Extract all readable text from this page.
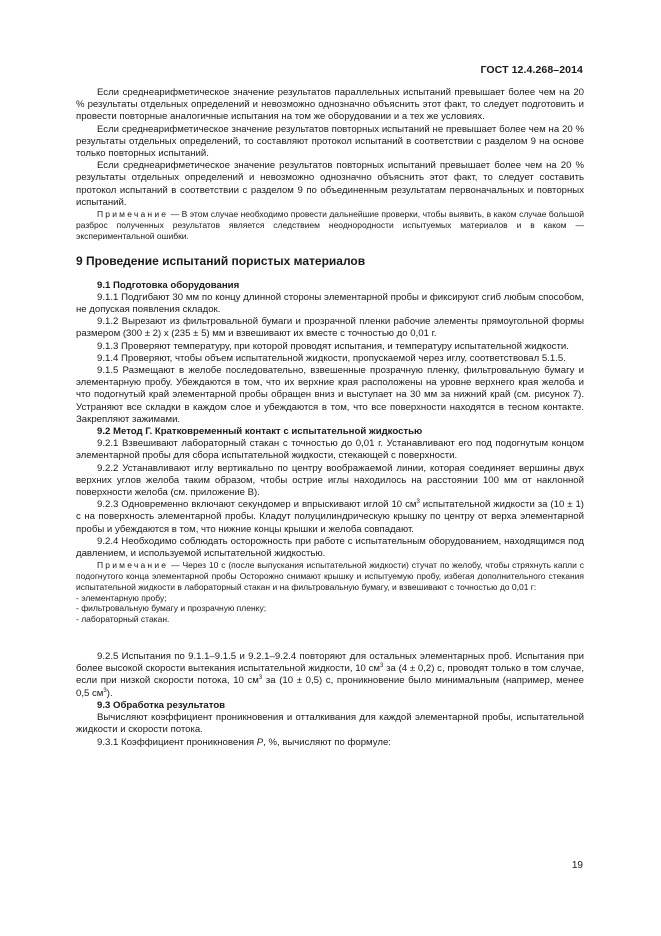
ГОСТ 12.4.268–2014

Если среднеарифметическое значение результатов параллельных испытаний превышает более чем на 20 % результаты отдельных определений и невозможно однозначно объяснить этот факт, то следует подготовить и провести повторные аналогичные испытания на том же оборудовании и а тех же условиях.

Если среднеарифметическое значение результатов повторных испытаний не превышает более чем на 20 % результаты отдельных определений, то составляют протокол испытаний в соответствии с разделом 9 на основе только повторных испытаний.

Если среднеарифметическое значение результатов повторных испытаний превышает более чем на 20 % результаты отдельных определений и невозможно однозначно объяснить этот факт, то следует составить протокол испытаний в соответствии с разделом 9 по объединенным результатам первоначальных и повторных испытаний.

Примечание — В этом случае необходимо провести дальнейшие проверки, чтобы выявить, в каком случае большой разброс полученных результатов является следствием неоднородности испытуемых материалов и в каком — экспериментальной ошибки.

9 Проведение испытаний пористых материалов

9.1 Подготовка оборудования

9.1.1 Подгибают 30 мм по концу длинной стороны элементарной пробы и фиксируют сгиб любым способом, не допуская появления складок.

9.1.2 Вырезают из фильтровальной бумаги и прозрачной пленки рабочие элементы прямоугольной формы размером (300 ± 2) x (235 ± 5) мм и взвешивают их вместе с точностью до 0,01 г.

9.1.3 Проверяют температуру, при которой проводят испытания, и температуру испытательной жидкости.

9.1.4 Проверяют, чтобы объем испытательной жидкости, пропускаемой через иглу, соответствовал 5.1.5.

9.1.5 Размещают в желобе последовательно, взвешенные прозрачную пленку, фильтровальную бумагу и элементарную пробу. Убеждаются в том, что их верхние края расположены на уровне верхнего края желоба и что подогнутый край элементарной пробы обращен вниз и выступает на 30 мм за нижний край (см. рисунок 7). Устраняют все складки в каждом слое и убеждаются в том, что все поверхности находятся в тесном контакте. Закрепляют зажимами.

9.2 Метод Г. Кратковременный контакт с испытательной жидкостью

9.2.1 Взвешивают лабораторный стакан с точностью до 0,01 г. Устанавливают его под подогнутым концом элементарной пробы для сбора испытательной жидкости, стекающей с поверхности.

9.2.2 Устанавливают иглу вертикально по центру воображаемой линии, которая соединяет вершины двух верхних углов желоба таким образом, чтобы острие иглы находилось на расстоянии 100 мм от наклонной поверхности желоба (см. приложение В).

9.2.3 Одновременно включают секундомер и впрыскивают иглой 10 $см^3$ испытательной жидкости за (10 ± 1) с на поверхность элементарной пробы. Кладут полуцилиндрическую крышку по центру от верха элементарной пробы и убеждаются в том, что нижние концы крышки и желоба совпадают.

9.2.4 Необходимо соблюдать осторожность при работе с испытательным оборудованием, находящимся под давлением, и используемой испытательной жидкостью.

Примечание — Через 10 с (после выпускания испытательной жидкости) стучат по желобу, чтобы стряхнуть капли с подогнутого конца элементарной пробы Осторожно снимают крышку и испытуемую пробу, избегая дополнительного стекания испытательной жидкости в лабораторный стакан и на фильтровальную бумагу, и взвешивают с точностью до 0,01 г:

- элементарную пробу;

- фильтровальную бумагу и прозрачную пленку;

- лабораторный стакан.

9.2.5 Испытания по 9.1.1–9.1.5 и 9.2.1–9.2.4 повторяют для остальных элементарных проб. Испытания при более высокой скорости вытекания испытательной жидкости, 10 $см^3$ за (4 ± 0,2) с, проводят только в том случае, если при низкой скорости потока, 10 $см^3$ за (10 ± 0,5) с, проникновение было минимальным (например, менее 0,5 $см^3$).

9.3 Обработка результатов

Вычисляют коэффициент проникновения и отталкивания для каждой элементарной пробы, испытательной жидкости и скорости потока.

9.3.1 Коэффициент проникновения P, %, вычисляют по формуле:

19
